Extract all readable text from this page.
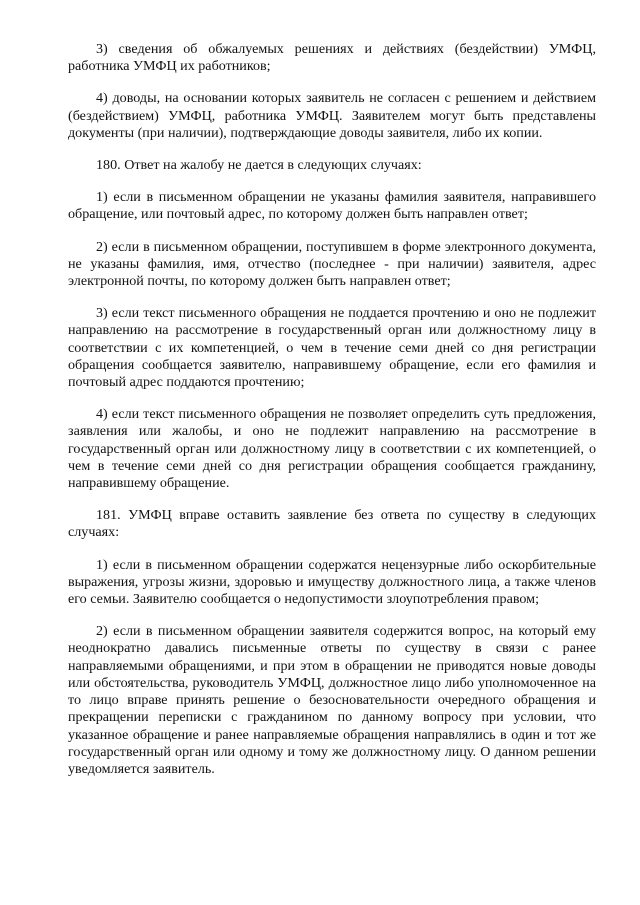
3) сведения об обжалуемых решениях и действиях (бездействии) УМФЦ, работника УМФЦ их работников;

4) доводы, на основании которых заявитель не согласен с решением и действием (бездействием) УМФЦ, работника УМФЦ. Заявителем могут быть представлены документы (при наличии), подтверждающие доводы заявителя, либо их копии.

180. Ответ на жалобу не дается в следующих случаях:

1) если в письменном обращении не указаны фамилия заявителя, направившего обращение, или почтовый адрес, по которому должен быть направлен ответ;

2) если в письменном обращении, поступившем в форме электронного документа, не указаны фамилия, имя, отчество (последнее - при наличии) заявителя, адрес электронной почты, по которому должен быть направлен ответ;

3) если текст письменного обращения не поддается прочтению и оно не подлежит направлению на рассмотрение в государственный орган или должностному лицу в соответствии с их компетенцией, о чем в течение семи дней со дня регистрации обращения сообщается заявителю, направившему обращение, если его фамилия и почтовый адрес поддаются прочтению;

4) если текст письменного обращения не позволяет определить суть предложения, заявления или жалобы, и оно не подлежит направлению на рассмотрение в государственный орган или должностному лицу в соответствии с их компетенцией, о чем в течение семи дней со дня регистрации обращения сообщается гражданину, направившему обращение.

181. УМФЦ вправе оставить заявление без ответа по существу в следующих случаях:

1) если в письменном обращении содержатся нецензурные либо оскорбительные выражения, угрозы жизни, здоровью и имуществу должностного лица, а также членов его семьи. Заявителю сообщается о недопустимости злоупотребления правом;

2) если в письменном обращении заявителя содержится вопрос, на который ему неоднократно давались письменные ответы по существу в связи с ранее направляемыми обращениями, и при этом в обращении не приводятся новые доводы или обстоятельства, руководитель УМФЦ, должностное лицо либо уполномоченное на то лицо вправе принять решение о безосновательности очередного обращения и прекращении переписки с гражданином по данному вопросу при условии, что указанное обращение и ранее направляемые обращения направлялись в один и тот же государственный орган или одному и тому же должностному лицу. О данном решении уведомляется заявитель.
